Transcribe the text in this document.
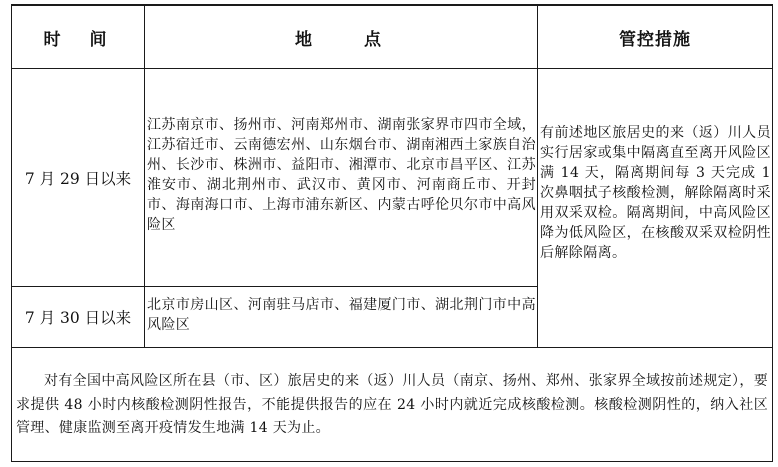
时　间	地　　点	管控措施
7 月 29 日以来
江苏南京市、扬州市、河南郑州市、湖南张家界市四市全域，江苏宿迁市、云南德宏州、山东烟台市、湖南湘西土家族自治州、长沙市、株洲市、益阳市、湘潭市、北京市昌平区、江苏淮安市、湖北荆州市、武汉市、黄冈市、河南商丘市、开封市、海南海口市、上海市浦东新区、内蒙古呼伦贝尔市中高风险区
7 月 30 日以来
北京市房山区、河南驻马店市、福建厦门市、湖北荆门市中高风险区
有前述地区旅居史的来（返）川人员实行居家或集中隔离直至离开风险区满 14 天，隔离期间每 3 天完成 1 次鼻咽拭子核酸检测，解除隔离时采用双采双检。隔离期间，中高风险区降为低风险区，在核酸双采双检阴性后解除隔离。
对有全国中高风险区所在县（市、区）旅居史的来（返）川人员（南京、扬州、郑州、张家界全域按前述规定），要求提供 48 小时内核酸检测阴性报告，不能提供报告的应在 24 小时内就近完成核酸检测。核酸检测阴性的，纳入社区管理、健康监测至离开疫情发生地满 14 天为止。
